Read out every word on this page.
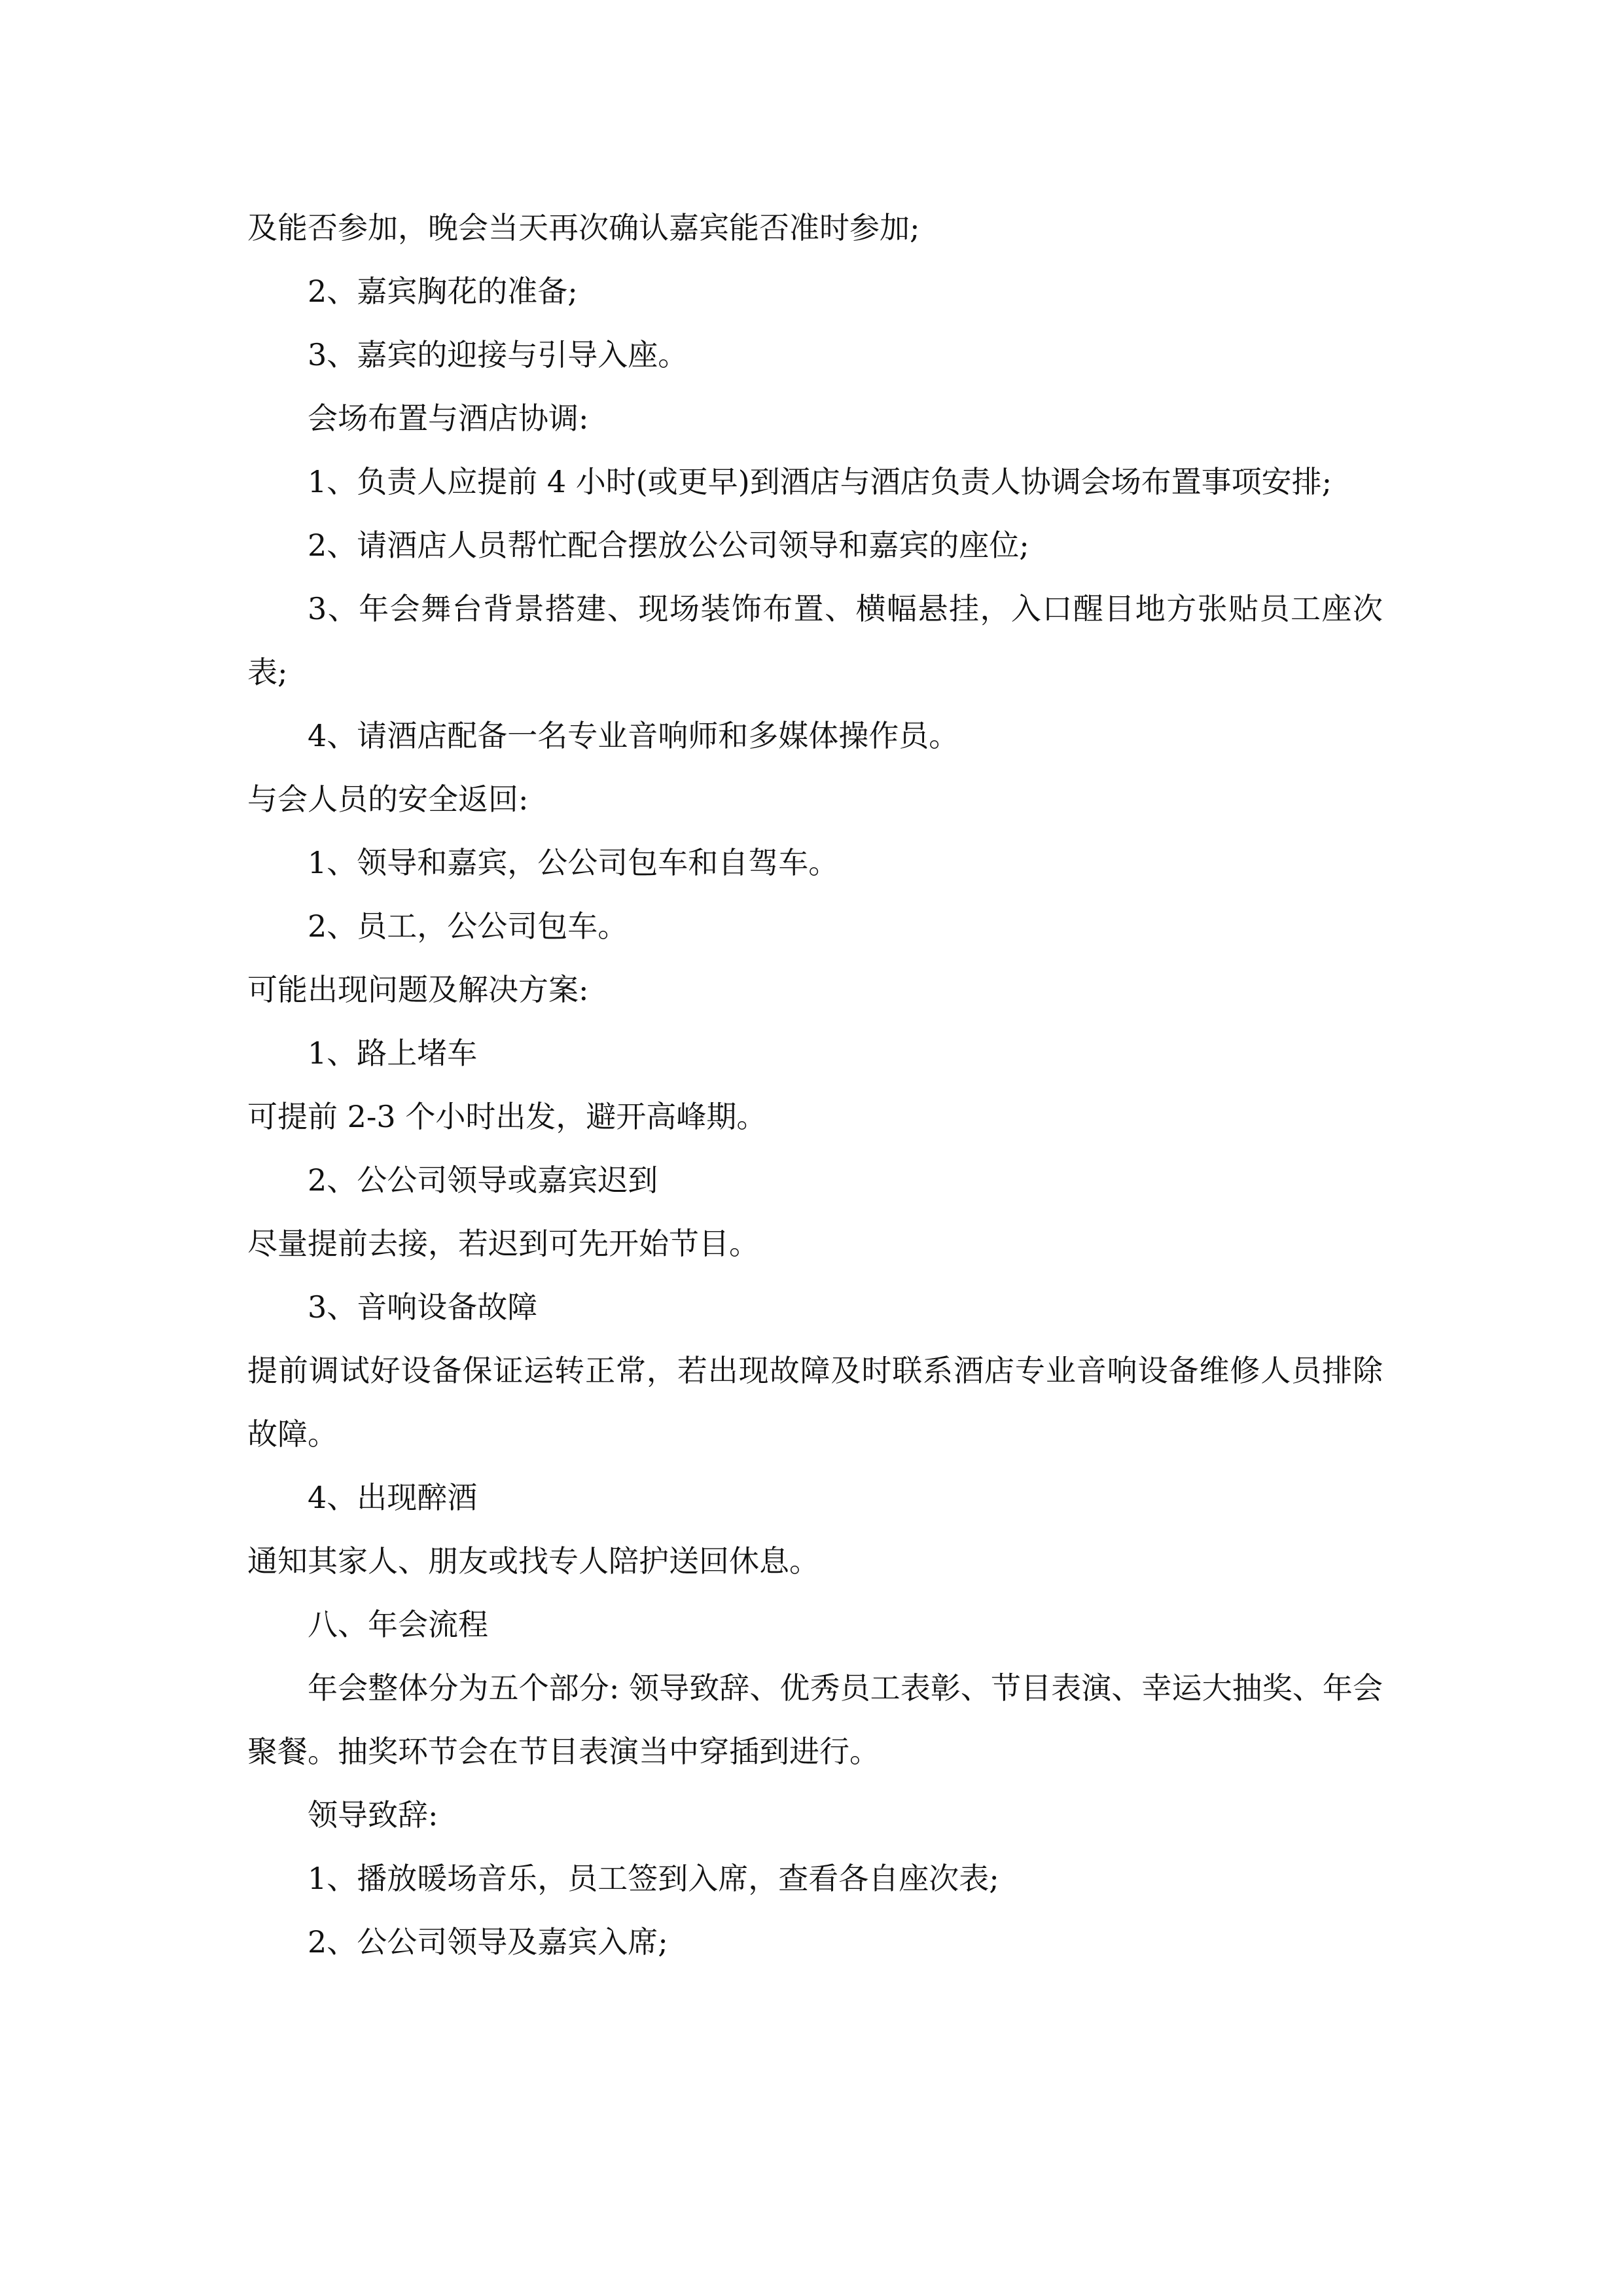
及能否参加，晚会当天再次确认嘉宾能否准时参加;

2、嘉宾胸花的准备;

3、嘉宾的迎接与引导入座。

会场布置与酒店协调:

1、负责人应提前 4 小时(或更早)到酒店与酒店负责人协调会场布置事项安排;

2、请酒店人员帮忙配合摆放公公司领导和嘉宾的座位;

3、年会舞台背景搭建、现场装饰布置、横幅悬挂，入口醒目地方张贴员工座次表;

4、请酒店配备一名专业音响师和多媒体操作员。

与会人员的安全返回:

1、领导和嘉宾，公公司包车和自驾车。

2、员工，公公司包车。

可能出现问题及解决方案:

1、路上堵车

可提前 2-3 个小时出发，避开高峰期。

2、公公司领导或嘉宾迟到

尽量提前去接，若迟到可先开始节目。

3、音响设备故障

提前调试好设备保证运转正常，若出现故障及时联系酒店专业音响设备维修人员排除故障。

4、出现醉酒

通知其家人、朋友或找专人陪护送回休息。

八、年会流程

年会整体分为五个部分: 领导致辞、优秀员工表彰、节目表演、幸运大抽奖、年会聚餐。抽奖环节会在节目表演当中穿插到进行。

领导致辞:

1、播放暖场音乐，员工签到入席，查看各自座次表;

2、公公司领导及嘉宾入席;
